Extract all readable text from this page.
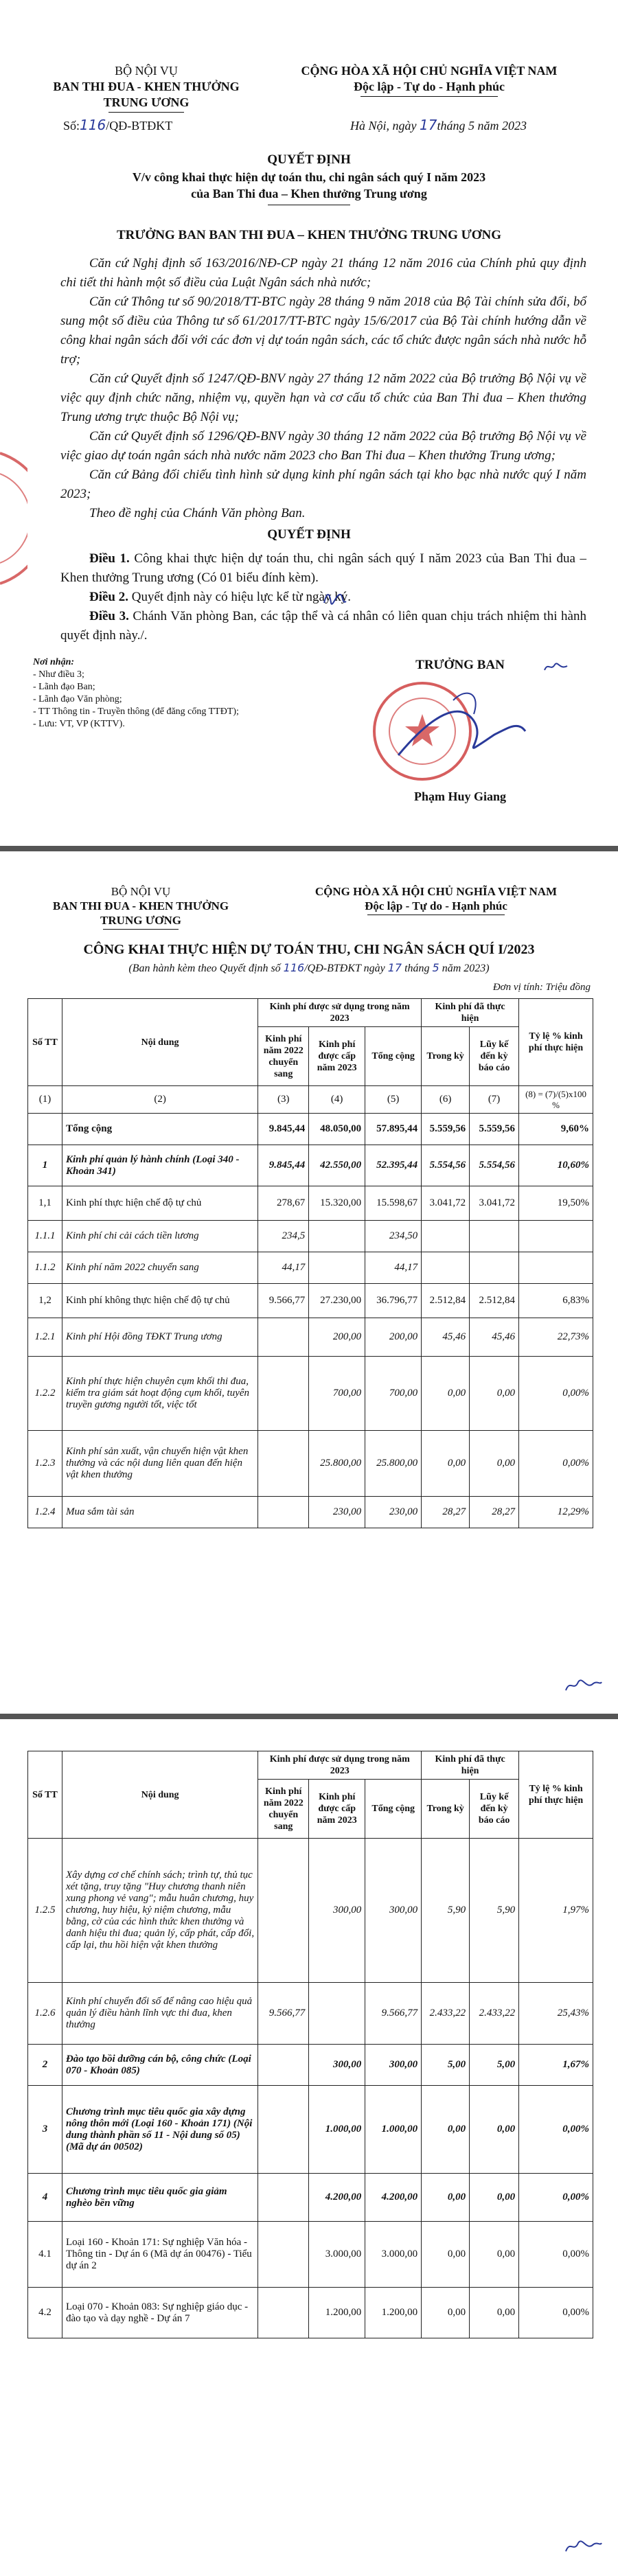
BỘ NỘI VỤ
BAN THI ĐUA - KHEN THƯỞNG
TRUNG ƯƠNG
CỘNG HÒA XÃ HỘI CHỦ NGHĨA VIỆT NAM
Độc lập - Tự do - Hạnh phúc
Số:116/QĐ-BTĐKT	Hà Nội, ngày 17tháng 5 năm 2023
QUYẾT ĐỊNH
V/v công khai thực hiện dự toán thu, chi ngân sách quý I năm 2023
của Ban Thi đua – Khen thưởng Trung ương
TRƯỞNG BAN BAN THI ĐUA – KHEN THƯỞNG TRUNG ƯƠNG

Căn cứ Nghị định số 163/2016/NĐ-CP ngày 21 tháng 12 năm 2016 của Chính phủ quy định chi tiết thi hành một số điều của Luật Ngân sách nhà nước;

Căn cứ Thông tư số 90/2018/TT-BTC ngày 28 tháng 9 năm 2018 của Bộ Tài chính sửa đổi, bổ sung một số điều của Thông tư số 61/2017/TT-BTC ngày 15/6/2017 của Bộ Tài chính hướng dẫn về công khai ngân sách đối với các đơn vị dự toán ngân sách, các tổ chức được ngân sách nhà nước hỗ trợ;

Căn cứ Quyết định số 1247/QĐ-BNV ngày 27 tháng 12 năm 2022 của Bộ trưởng Bộ Nội vụ về việc quy định chức năng, nhiệm vụ, quyền hạn và cơ cấu tổ chức của Ban Thi đua – Khen thưởng Trung ương trực thuộc Bộ Nội vụ;

Căn cứ Quyết định số 1296/QĐ-BNV ngày 30 tháng 12 năm 2022 của Bộ trưởng Bộ Nội vụ về việc giao dự toán ngân sách nhà nước năm 2023 cho Ban Thi đua – Khen thưởng Trung ương;

Căn cứ Bảng đối chiếu tình hình sử dụng kinh phí ngân sách tại kho bạc nhà nước quý I năm 2023;

Theo đề nghị của Chánh Văn phòng Ban.

QUYẾT ĐỊNH

Điều 1. Công khai thực hiện dự toán thu, chi ngân sách quý I năm 2023 của Ban Thi đua – Khen thưởng Trung ương (Có 01 biểu đính kèm).

Điều 2. Quyết định này có hiệu lực kể từ ngày ký.

Điều 3. Chánh Văn phòng Ban, các tập thể và cá nhân có liên quan chịu trách nhiệm thi hành quyết định này./.

Nơi nhận:
- Như điều 3;
- Lãnh đạo Ban;
- Lãnh đạo Văn phòng;
- TT Thông tin - Truyền thông (để đăng cổng TTĐT);
- Lưu: VT, VP (KTTV).
TRƯỞNG BAN
Phạm Huy Giang
BỘ NỘI VỤ
BAN THI ĐUA - KHEN THƯỞNG
TRUNG ƯƠNG
CỘNG HÒA XÃ HỘI CHỦ NGHĨA VIỆT NAM
Độc lập - Tự do - Hạnh phúc
CÔNG KHAI THỰC HIỆN DỰ TOÁN THU, CHI NGÂN SÁCH QUÍ I/2023
(Ban hành kèm theo Quyết định số 116/QĐ-BTĐKT ngày 17 tháng 5 năm 2023)
Đơn vị tính: Triệu đồng
Số TT	Nội dung	Kinh phí được sử dụng trong năm 2023			Kinh phí đã thực hiện		Tỷ lệ % kinh phí thực hiện
		Kinh phí năm 2022 chuyển sang	Kinh phí được cấp năm 2023	Tổng cộng	Trong kỳ	Lũy kế đến kỳ báo cáo	
(1)	(2)	(3)	(4)	(5)	(6)	(7)	(8) = (7)/(5)x100 %
	Tổng cộng	9.845,44	48.050,00	57.895,44	5.559,56	5.559,56	9,60%
1	Kinh phí quản lý hành chính (Loại 340 - Khoản 341)	9.845,44	42.550,00	52.395,44	5.554,56	5.554,56	10,60%
1,1	Kinh phí thực hiện chế độ tự chủ	278,67	15.320,00	15.598,67	3.041,72	3.041,72	19,50%
1.1.1	Kinh phí chi cải cách tiền lương	234,5		234,50			
1.1.2	Kinh phí năm 2022 chuyển sang	44,17		44,17			
1,2	Kinh phí không thực hiện chế độ tự chủ	9.566,77	27.230,00	36.796,77	2.512,84	2.512,84	6,83%
1.2.1	Kinh phí Hội đồng TĐKT Trung ương		200,00	200,00	45,46	45,46	22,73%
1.2.2	Kinh phí thực hiện chuyên cụm khối thi đua, kiểm tra giám sát hoạt động cụm khối, tuyên truyền gương người tốt, việc tốt		700,00	700,00	0,00	0,00	0,00%
1.2.3	Kinh phí sản xuất, vận chuyển hiện vật khen thưởng và các nội dung liên quan đến hiện vật khen thưởng		25.800,00	25.800,00	0,00	0,00	0,00%
1.2.4	Mua sắm tài sản		230,00	230,00	28,27	28,27	12,29%
Số TT	Nội dung	Kinh phí được sử dụng trong năm 2023			Kinh phí đã thực hiện		Tỷ lệ % kinh phí thực hiện
		Kinh phí năm 2022 chuyển sang	Kinh phí được cấp năm 2023	Tổng cộng	Trong kỳ	Lũy kế đến kỳ báo cáo	
1.2.5	Xây dựng cơ chế chính sách; trình tự, thủ tục xét tặng, truy tặng "Huy chương thanh niên xung phong vẻ vang"; mẫu huân chương, huy chương, huy hiệu, kỷ niệm chương, mẫu bằng, cờ của các hình thức khen thưởng và danh hiệu thi đua; quản lý, cấp phát, cấp đổi, cấp lại, thu hồi hiện vật khen thưởng		300,00	300,00	5,90	5,90	1,97%
1.2.6	Kinh phí chuyển đổi số để nâng cao hiệu quả quản lý điều hành lĩnh vực thi đua, khen thưởng	9.566,77		9.566,77	2.433,22	2.433,22	25,43%
2	Đào tạo bồi dưỡng cán bộ, công chức (Loại 070 - Khoản 085)		300,00	300,00	5,00	5,00	1,67%
3	Chương trình mục tiêu quốc gia xây dựng nông thôn mới (Loại 160 - Khoản 171) (Nội dung thành phần số 11 - Nội dung số 05) (Mã dự án 00502)		1.000,00	1.000,00	0,00	0,00	0,00%
4	Chương trình mục tiêu quốc gia giảm nghèo bền vững		4.200,00	4.200,00	0,00	0,00	0,00%
4.1	Loại 160 - Khoản 171: Sự nghiệp Văn hóa - Thông tin - Dự án 6 (Mã dự án 00476) - Tiểu dự án 2		3.000,00	3.000,00	0,00	0,00	0,00%
4.2	Loại 070 - Khoản 083: Sự nghiệp giáo dục - đào tạo và dạy nghề - Dự án 7		1.200,00	1.200,00	0,00	0,00	0,00%
